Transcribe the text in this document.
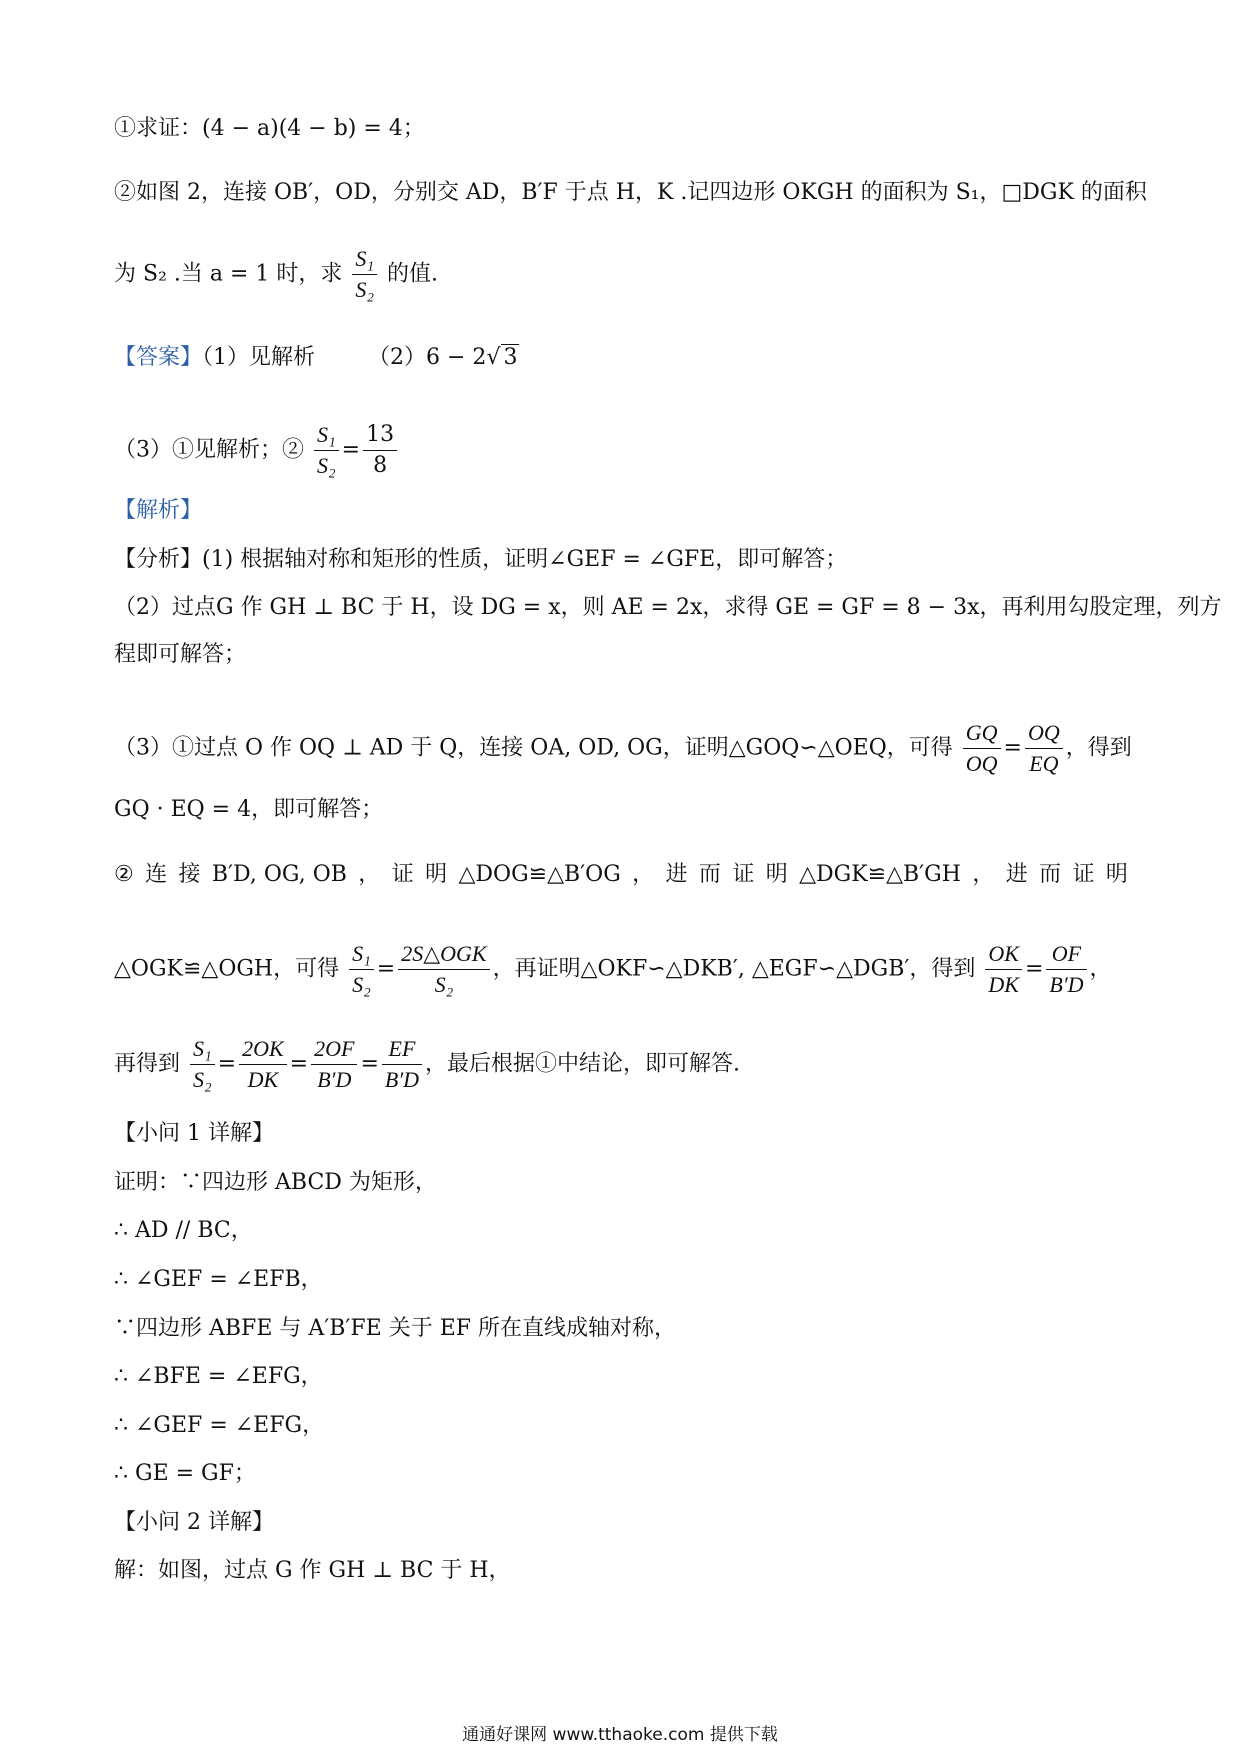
①求证：(4 − a)(4 − b) = 4；
②如图 2，连接 OB′，OD，分别交 AD，B′F 于点 H，K .记四边形 OKGH 的面积为 S₁，□DGK 的面积
为 S₂ .当 a = 1 时，求 $\frac{\text{S₁}}{\text{S₂}}$ 的值.
【答案】（1）见解析 （2）6 − 2√ 3
（3）①见解析；② $\frac{\text{S₁}}{\text{S₂}} = \frac{13}{8}$
【解析】
【分析】(1) 根据轴对称和矩形的性质，证明∠GEF = ∠GFE，即可解答；
（2）过点G 作 GH ⊥ BC 于 H，设 DG = x，则 AE = 2x，求得 GE = GF = 8 − 3x，再利用勾股定理，列方
程即可解答；
（3）①过点 O 作 OQ ⊥ AD 于 Q，连接 OA, OD, OG，证明△GOQ∽△OEQ，可得 $\frac{GQ}{OQ} = \frac{OQ}{EQ}$ ，得到
GQ · EQ = 4，即可解答；
② 连 接 B′D, OG, OB ， 证 明 △DOG≌△B′OG ， 进 而 证 明 △DGK≌△B′GH ， 进 而 证 明
△OGK≌△OGH，可得 $\frac{\text{S₁}}{\text{S₂}} = \frac{\text{2S△OGK}}{\text{S₂}}$ ，再证明△OKF∽△DKB′, △EGF∽△DGB′，得到 $\frac{OK}{DK} = \frac{OF}{B'D}$ ，
再得到 $\frac{\text{S₁}}{\text{S₂}} = \frac{2OK}{DK} = \frac{2OF}{B'D} = \frac{EF}{B'D}$ ，最后根据①中结论，即可解答.
【小问 1 详解】
证明：∵四边形 ABCD 为矩形，
∴ AD // BC，
∴ ∠GEF = ∠EFB，
∵四边形 ABFE 与 A′B′FE 关于 EF 所在直线成轴对称，
∴ ∠BFE = ∠EFG，
∴ ∠GEF = ∠EFG，
∴ GE = GF；
【小问 2 详解】
解：如图，过点 G 作 GH ⊥ BC 于 H，
通通好课网 www.tthaoke.com 提供下载
